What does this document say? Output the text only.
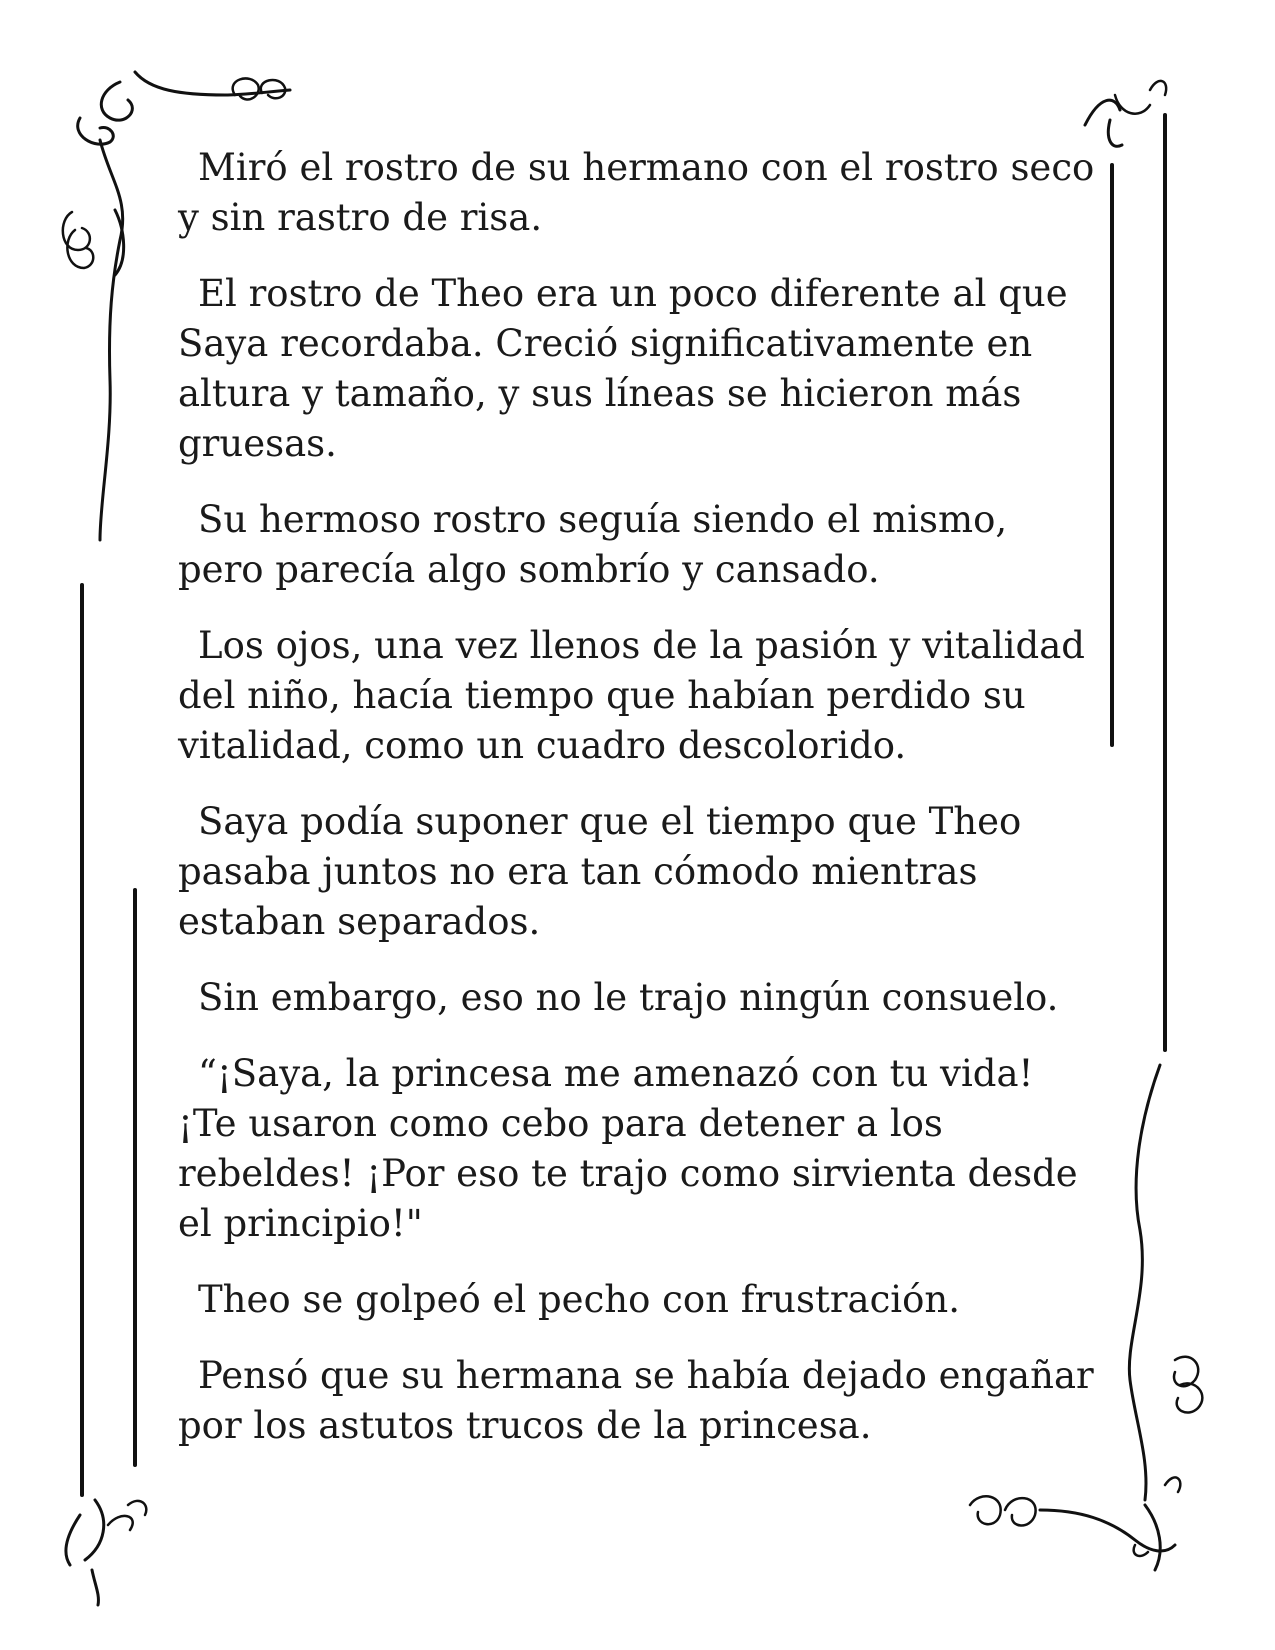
Miró el rostro de su hermano con el rostro seco y sin rastro de risa.

El rostro de Theo era un poco diferente al que Saya recordaba. Creció significativamente en altura y tamaño, y sus líneas se hicieron más gruesas.

Su hermoso rostro seguía siendo el mismo, pero parecía algo sombrío y cansado.

Los ojos, una vez llenos de la pasión y vitalidad del niño, hacía tiempo que habían perdido su vitalidad, como un cuadro descolorido.

Saya podía suponer que el tiempo que Theo pasaba juntos no era tan cómodo mientras estaban separados.

Sin embargo, eso no le trajo ningún consuelo.

“¡Saya, la princesa me amenazó con tu vida! ¡Te usaron como cebo para detener a los rebeldes! ¡Por eso te trajo como sirvienta desde el principio!"

Theo se golpeó el pecho con frustración.

Pensó que su hermana se había dejado engañar por los astutos trucos de la princesa.
